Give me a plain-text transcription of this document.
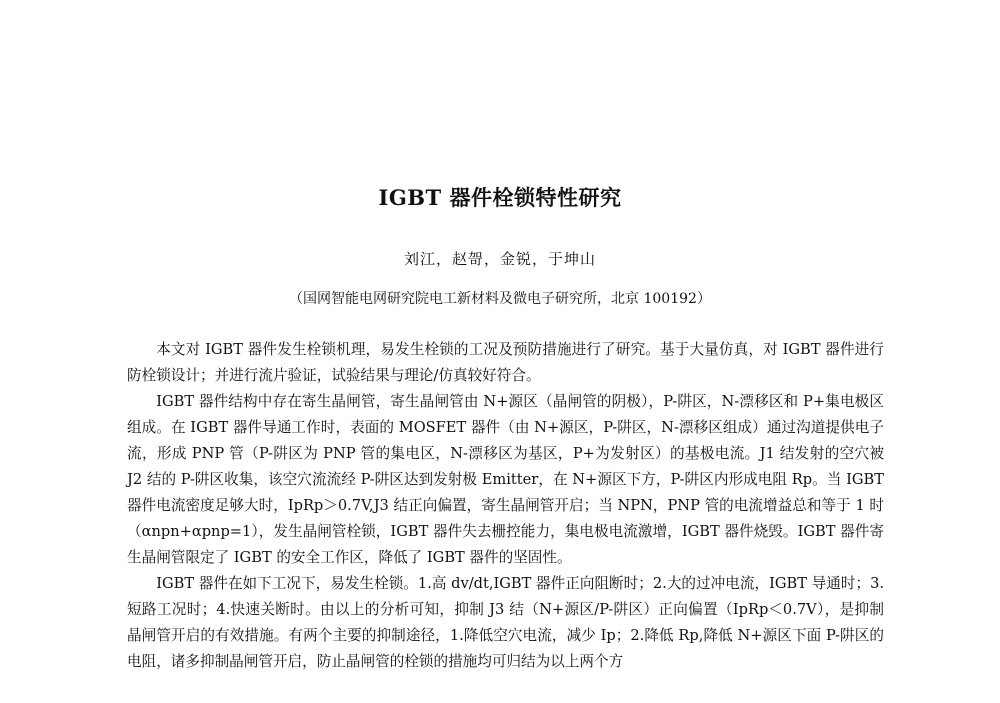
IGBT 器件栓锁特性研究
刘江，赵哿，金锐，于坤山
（国网智能电网研究院电工新材料及微电子研究所，北京 100192）

本文对 IGBT 器件发生栓锁机理，易发生栓锁的工况及预防措施进行了研究。基于大量仿真，对 IGBT 器件进行防栓锁设计；并进行流片验证，试验结果与理论/仿真较好符合。

IGBT 器件结构中存在寄生晶闸管，寄生晶闸管由 N+源区（晶闸管的阴极），P-阱区，N-漂移区和 P+集电极区组成。在 IGBT 器件导通工作时，表面的 MOSFET 器件（由 N+源区，P-阱区，N-漂移区组成）通过沟道提供电子流，形成 PNP 管（P-阱区为 PNP 管的集电区，N-漂移区为基区，P+为发射区）的基极电流。J1 结发射的空穴被 J2 结的 P-阱区收集，该空穴流流经 P-阱区达到发射极 Emitter，在 N+源区下方，P-阱区内形成电阻 Rp。当 IGBT 器件电流密度足够大时，IpRp＞0.7V,J3 结正向偏置，寄生晶闸管开启；当 NPN，PNP 管的电流增益总和等于 1 时（αnpn+αpnp=1），发生晶闸管栓锁，IGBT 器件失去栅控能力，集电极电流激增，IGBT 器件烧毁。IGBT 器件寄生晶闸管限定了 IGBT 的安全工作区，降低了 IGBT 器件的坚固性。

IGBT 器件在如下工况下，易发生栓锁。1.高 dv/dt,IGBT 器件正向阻断时；2.大的过冲电流，IGBT 导通时；3.短路工况时；4.快速关断时。由以上的分析可知，抑制 J3 结（N+源区/P-阱区）正向偏置（IpRp＜0.7V），是抑制晶闸管开启的有效措施。有两个主要的抑制途径，1.降低空穴电流，减少 Ip；2.降低 Rp,降低 N+源区下面 P-阱区的电阻，诸多抑制晶闸管开启，防止晶闸管的栓锁的措施均可归结为以上两个方
